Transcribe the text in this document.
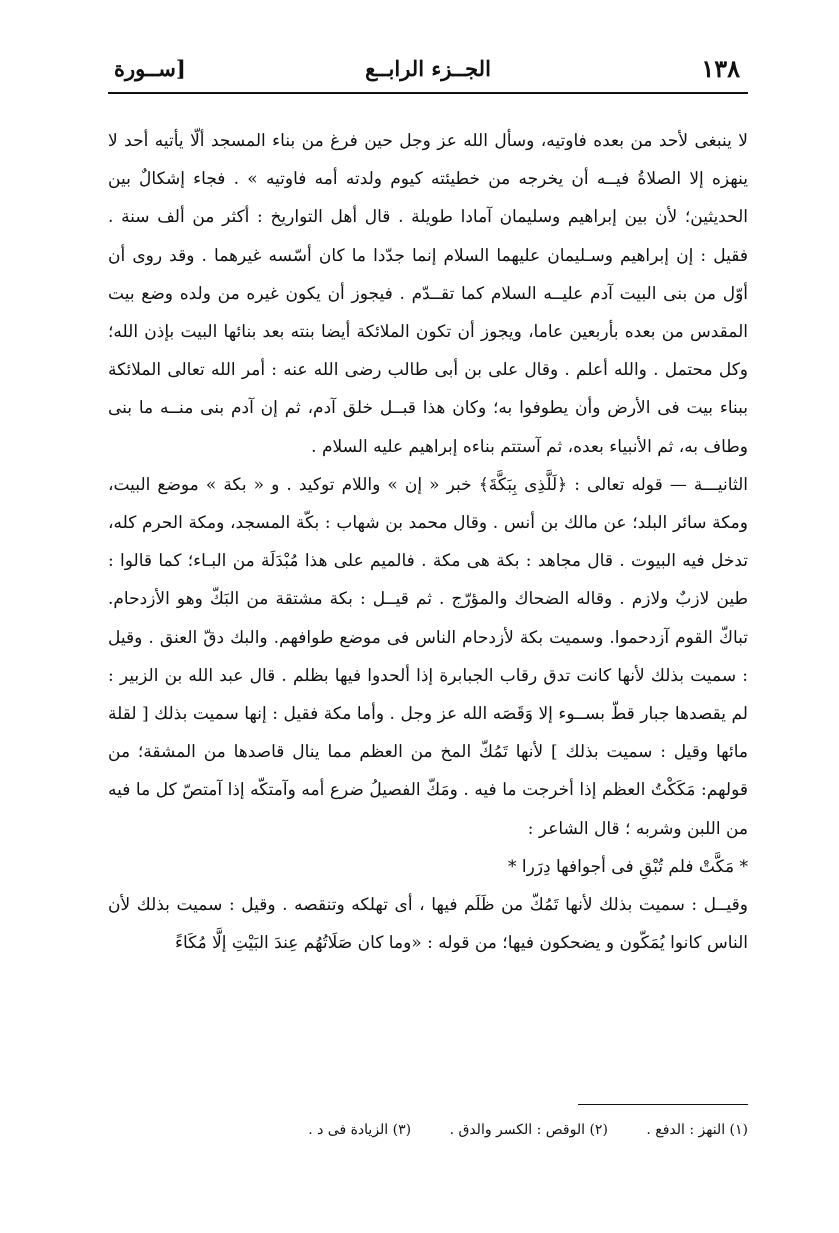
١٣٨
الجــزء الرابــع
[ســورة

لا ينبغى لأحد من بعده فاوتيه، وسأل الله عز وجل حين فرغ من بناء المسجد ألّا يأتيه أحد لا ينهزه إلا الصلاةُ فيــه أن يخرجه من خطيئته كيوم ولدته أمه فاوتيه » . فجاء إشكالٌ بين الحديثين؛ لأن بين إبراهيم وسليمان آمادا طويلة . قال أهل التواريخ : أكثر من ألف سنة . فقيل : إن إبراهيم وسـليمان عليهما السلام إنما جدّدا ما كان أسّسه غيرهما . وقد روى أن أوّل من بنى البيت آدم عليــه السلام كما تقــدّم . فيجوز أن يكون غيره من ولده وضع بيت المقدس من بعده بأربعين عاما، ويجوز أن تكون الملائكة أيضا بنته بعد بنائها البيت بإذن الله؛ وكل محتمل . والله أعلم . وقال على بن أبى طالب رضى الله عنه : أمر الله تعالى الملائكة ببناء بيت فى الأرض وأن يطوفوا به؛ وكان هذا قبــل خلق آدم، ثم إن آدم بنى منــه ما بنى وطاف به، ثم الأنبياء بعده، ثم آستتم بناءه إبراهيم عليه السلام .

الثانيـــة — قوله تعالى : ﴿لَلَّذِى بِبَكَّةَ﴾ خبر « إن » واللام توكيد . و « بكة » موضع البيت، ومكة سائر البلد؛ عن مالك بن أنس . وقال محمد بن شهاب : بكّة المسجد، ومكة الحرم كله، تدخل فيه البيوت . قال مجاهد : بكة هى مكة . فالميم على هذا مُبْدَلَة من البـاء؛ كما قالوا : طين لازبٌ ولازم . وقاله الضحاك والمؤرّج . ثم قيــل : بكة مشتقة من البَكّ وهو الأزدحام. تباكّ القوم آزدحموا. وسميت بكة لأزدحام الناس فى موضع طوافهم. والبك دقّ العنق . وقيل : سميت بذلك لأنها كانت تدق رقاب الجبابرة إذا ألحدوا فيها بظلم . قال عبد الله بن الزبير : لم يقصدها جبار قطّ بســوء إلا وَقَصَه الله عز وجل . وأما مكة فقيل : إنها سميت بذلك [ لقلة مائها وقيل : سميت بذلك ] لأنها تَمُكّ المخ من العظم مما ينال قاصدها من المشقة؛ من قولهم: مَكَكْتُ العظم إذا أخرجت ما فيه . ومَكّ الفصيلُ ضرع أمه وآمتكّه إذا آمتصّ كل ما فيه من اللبن وشربه ؛ قال الشاعر :

* مَكَّتْ فلم تُبْقِ فى أجوافها دِرَرا *

وقيــل : سميت بذلك لأنها تَمُكّ من ظَلَم فيها ، أى تهلكه وتنقصه . وقيل : سميت بذلك لأن الناس كانوا يُمَكّون و يضحكون فيها؛ من قوله : «وما كان صَلَاتُهُم عِندَ البَيْتِ إلَّا مُكَاءً

(١) النهز : الدفع . (٢) الوقص : الكسر والدق . (٣) الزيادة فى د .
